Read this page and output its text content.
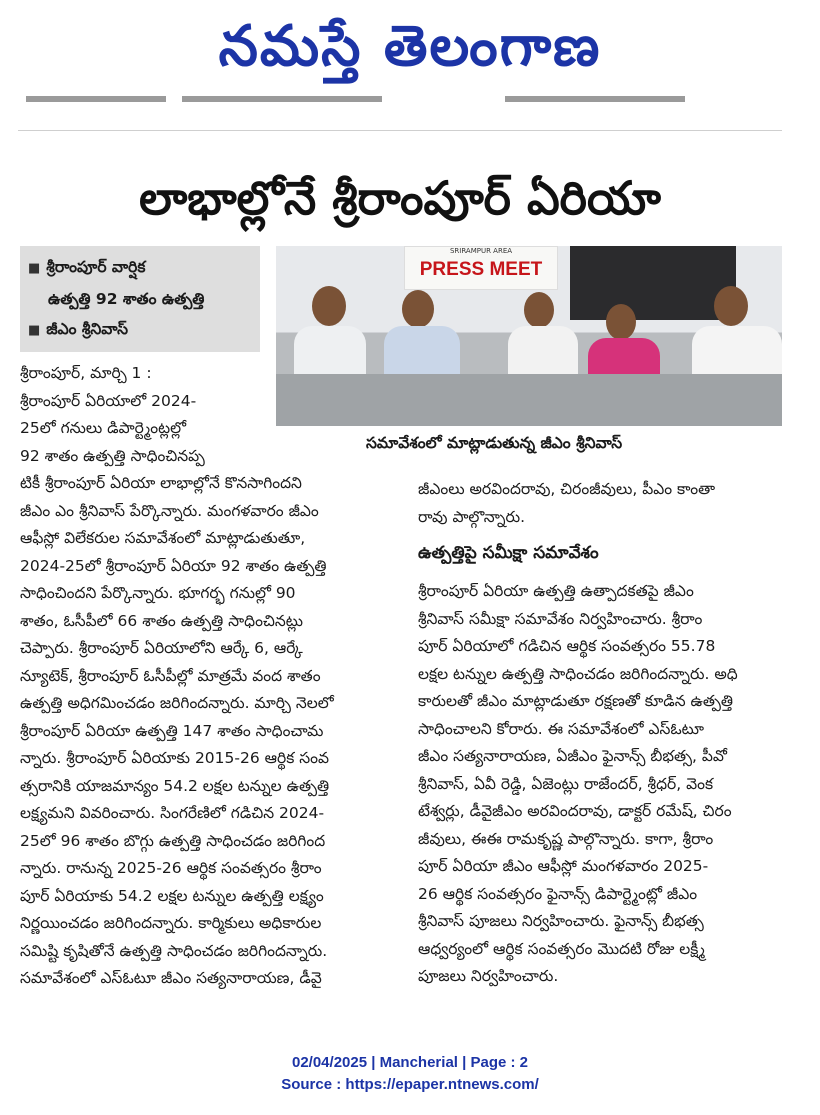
నమస్తే తెలంగాణ

లాభాల్లోనే శ్రీరాంపూర్ ఏరియా
■ శ్రీరాంపూర్ వార్షిక
ఉత్పత్తి 92 శాతం ఉత్పత్తి
■ జీఎం శ్రీనివాస్
SRIRAMPUR AREA
PRESS MEET
సమావేశంలో మాట్లాడుతున్న జీఎం శ్రీనివాస్
శ్రీరాంపూర్, మార్చి 1 :
శ్రీరాంపూర్ ఏరియాలో 2024-
25లో గనులు డిపార్ట్మెంట్లల్లో
92 శాతం ఉత్పత్తి సాధించినప్ప
టికీ శ్రీరాంపూర్ ఏరియా లాభాల్లోనే కొనసాగిందని
జీఎం ఎం శ్రీనివాస్ పేర్కొన్నారు. మంగళవారం జీఎం
ఆఫీస్లో విలేకరుల సమావేశంలో మాట్లాడుతుతూ,
2024-25లో శ్రీరాంపూర్ ఏరియా 92 శాతం ఉత్పత్తి
సాధించిందని పేర్కొన్నారు. భూగర్భ గనుల్లో 90
శాతం, ఓసీపీలో 66 శాతం ఉత్పత్తి సాధించినట్లు
చెప్పారు. శ్రీరాంపూర్ ఏరియాలోని ఆర్కే 6, ఆర్కే
న్యూటెక్, శ్రీరాంపూర్ ఓసీపీల్లో మాత్రమే వంద శాతం
ఉత్పత్తి అధిగమించడం జరిగిందన్నారు. మార్చి నెలలో
శ్రీరాంపూర్ ఏరియా ఉత్పత్తి 147 శాతం సాధించామ
న్నారు. శ్రీరాంపూర్ ఏరియాకు 2015-26 ఆర్థిక సంవ
త్సరానికి యాజమాన్యం 54.2 లక్షల టన్నుల ఉత్పత్తి
లక్ష్యమని వివరించారు. సింగరేణిలో గడిచిన 2024-
25లో 96 శాతం బొగ్గు ఉత్పత్తి సాధించడం జరిగింద
న్నారు. రానున్న 2025-26 ఆర్థిక సంవత్సరం శ్రీరాం
పూర్ ఏరియాకు 54.2 లక్షల టన్నుల ఉత్పత్తి లక్ష్యం
నిర్ణయించడం జరిగిందన్నారు. కార్మికులు అధికారుల
సమిష్టి కృషితోనే ఉత్పత్తి సాధించడం జరిగిందన్నారు.
సమావేశంలో ఎస్ఓటూ జీఎం సత్యనారాయణ, డీవై
జీఎంలు అరవిందరావు, చిరంజీవులు, పీఎం కాంతా
రావు పాల్గొన్నారు.
ఉత్పత్తిపై సమీక్షా సమావేశం
శ్రీరాంపూర్ ఏరియా ఉత్పత్తి ఉత్పాదకతపై జీఎం
శ్రీనివాస్ సమీక్షా సమావేశం నిర్వహించారు. శ్రీరాం
పూర్ ఏరియాలో గడిచిన ఆర్థిక సంవత్సరం 55.78
లక్షల టన్నుల ఉత్పత్తి సాధించడం జరిగిందన్నారు. అధి
కారులతో జీఎం మాట్లాడుతూ రక్షణతో కూడిన ఉత్పత్తి
సాధించాలని కోరారు. ఈ సమావేశంలో ఎస్ఓటూ
జీఎం సత్యనారాయణ, ఏజీఎం ఫైనాన్స్ బీభత్స, పీవో
శ్రీనివాస్, ఏవీ రెడ్డి, ఏజెంట్లు రాజేందర్, శ్రీధర్, వెంక
టేశ్వర్లు, డీవైజీఎం అరవిందరావు, డాక్టర్ రమేష్, చిరం
జీవులు, ఈఈ రామకృష్ణ పాల్గొన్నారు. కాగా, శ్రీరాం
పూర్ ఏరియా జీఎం ఆఫీస్లో మంగళవారం 2025-
26 ఆర్థిక సంవత్సరం ఫైనాన్స్ డిపార్ట్మెంట్లో జీఎం
శ్రీనివాస్ పూజలు నిర్వహించారు. ఫైనాన్స్ బీభత్స
ఆధ్వర్యంలో ఆర్థిక సంవత్సరం మొదటి రోజు లక్ష్మీ
పూజలు నిర్వహించారు.
02/04/2025 | Mancherial | Page : 2
Source : https://epaper.ntnews.com/
